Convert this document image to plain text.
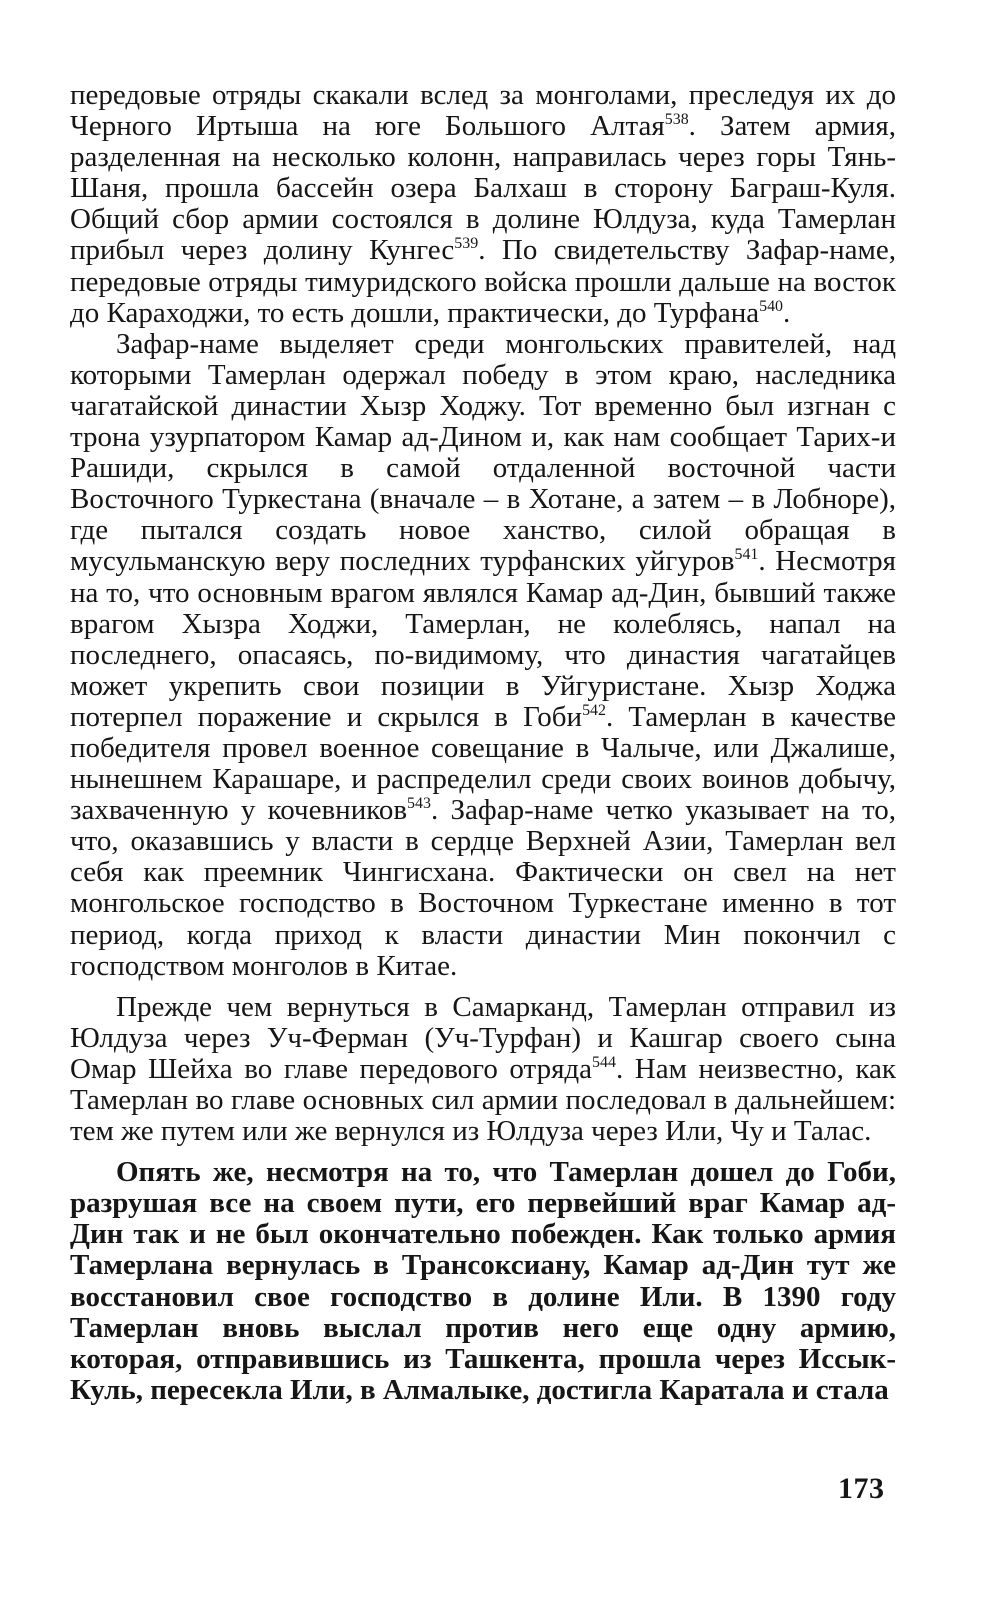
передовые отряды скакали вслед за монголами, преследуя их до Черного Иртыша на юге Большого Алтая$^{538}$. Затем армия, разделенная на несколько колонн, направилась через горы Тянь-Шаня, прошла бассейн озера Балхаш в сторону Баграш-Куля. Общий сбор армии состоялся в долине Юлдуза, куда Тамерлан прибыл через долину Кунгес$^{539}$. По свидетельству Зафар-наме, передовые отряды тимуридского войска прошли дальше на восток до Караходжи, то есть дошли, практически, до Турфана$^{540}$.

Зафар-наме выделяет среди монгольских правителей, над которыми Тамерлан одержал победу в этом краю, наследника чагатайской династии Хызр Ходжу. Тот временно был изгнан с трона узурпатором Камар ад-Дином и, как нам сообщает Тарих-и Рашиди, скрылся в самой отдаленной восточной части Восточного Туркестана (вначале – в Хотане, а затем – в Лобноре), где пытался создать новое ханство, силой обращая в мусульманскую веру последних турфанских уйгуров$^{541}$. Несмотря на то, что основным врагом являлся Камар ад-Дин, бывший также врагом Хызра Ходжи, Тамерлан, не колеблясь, напал на последнего, опасаясь, по-видимому, что династия чагатайцев может укрепить свои позиции в Уйгуристане. Хызр Ходжа потерпел поражение и скрылся в Гоби$^{542}$. Тамерлан в качестве победителя провел военное совещание в Чалыче, или Джалише, нынешнем Карашаре, и распределил среди своих воинов добычу, захваченную у кочевников$^{543}$. Зафар-наме четко указывает на то, что, оказавшись у власти в сердце Верхней Азии, Тамерлан вел себя как преемник Чингисхана. Фактически он свел на нет монгольское господство в Восточном Туркестане именно в тот период, когда приход к власти династии Мин покончил с господством монголов в Китае.

Прежде чем вернуться в Самарканд, Тамерлан отправил из Юлдуза через Уч-Ферман (Уч-Турфан) и Кашгар своего сына Омар Шейха во главе передового отряда$^{544}$. Нам неизвестно, как Тамерлан во главе основных сил армии последовал в дальнейшем: тем же путем или же вернулся из Юлдуза через Или, Чу и Талас.

Опять же, несмотря на то, что Тамерлан дошел до Гоби, разрушая все на своем пути, его первейший враг Камар ад-Дин так и не был окончательно побежден. Как только армия Тамерлана вернулась в Трансоксиану, Камар ад-Дин тут же восстановил свое господство в долине Или. В 1390 году Тамерлан вновь выслал против него еще одну армию, которая, отправившись из Ташкента, прошла через Иссык-Куль, пересекла Или, в Алмалыке, достигла Каратала и стала

173
